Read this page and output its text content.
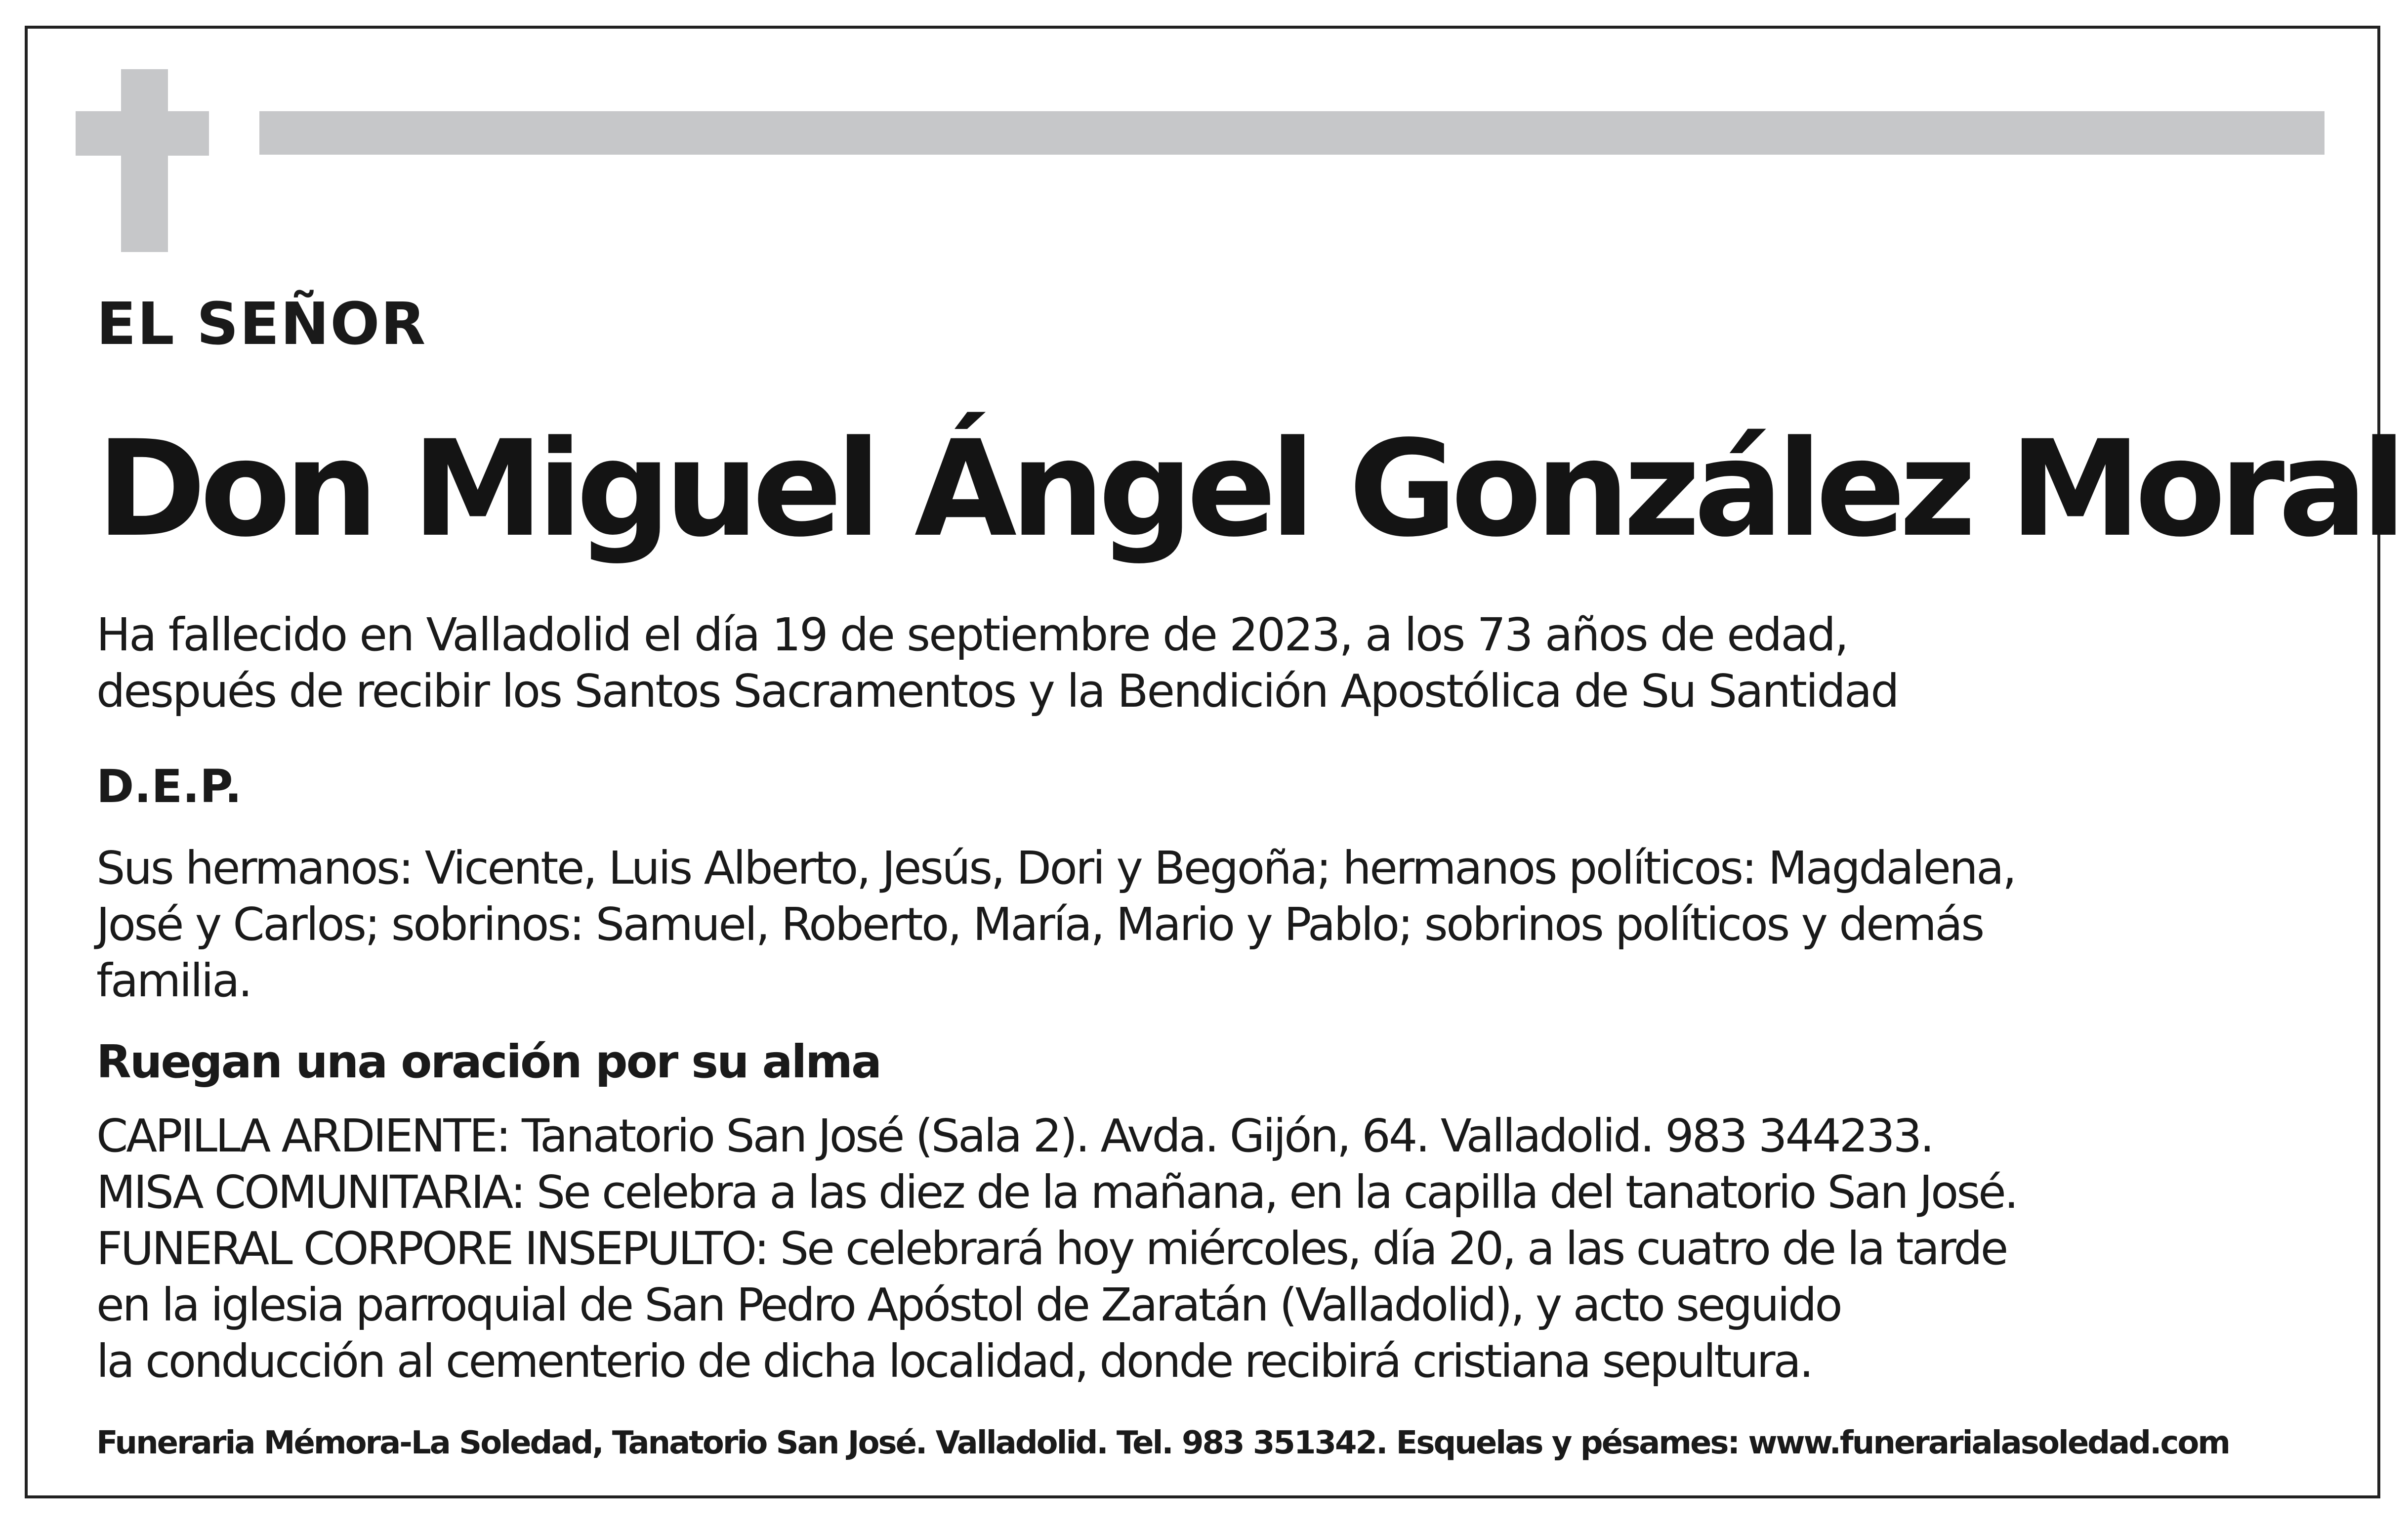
EL SEÑOR
Don Miguel Ángel González Moral
Ha fallecido en Valladolid el día 19 de septiembre de 2023, a los 73 años de edad,
después de recibir los Santos Sacramentos y la Bendición Apostólica de Su Santidad
D.E.P.
Sus hermanos: Vicente, Luis Alberto, Jesús, Dori y Begoña; hermanos políticos: Magdalena,
José y Carlos; sobrinos: Samuel, Roberto, María, Mario y Pablo; sobrinos políticos y demás
familia.
Ruegan una oración por su alma
CAPILLA ARDIENTE: Tanatorio San José (Sala 2). Avda. Gijón, 64. Valladolid. 983 344233.
MISA COMUNITARIA: Se celebra a las diez de la mañana, en la capilla del tanatorio San José.
FUNERAL CORPORE INSEPULTO: Se celebrará hoy miércoles, día 20, a las cuatro de la tarde
en la iglesia parroquial de San Pedro Apóstol de Zaratán (Valladolid), y acto seguido
la conducción al cementerio de dicha localidad, donde recibirá cristiana sepultura.
Funeraria Mémora-La Soledad, Tanatorio San José. Valladolid. Tel. 983 351342. Esquelas y pésames: www.funerarialasoledad.com
